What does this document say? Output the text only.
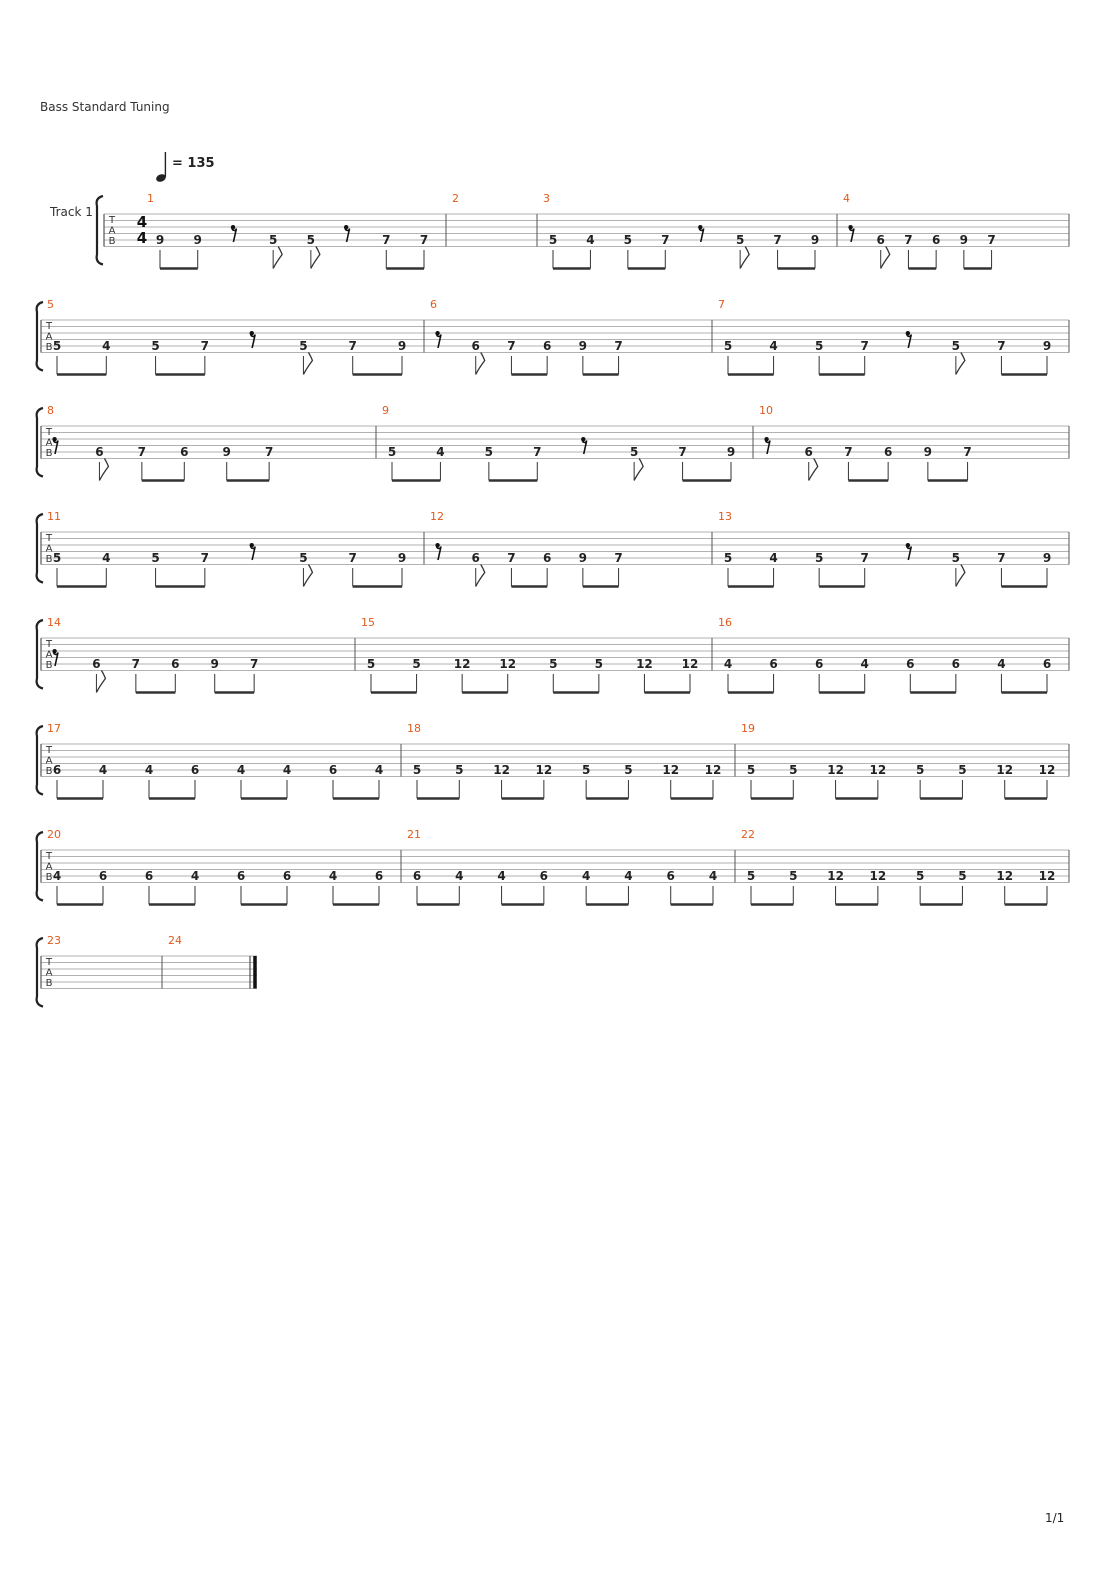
Bass Standard Tuning
= 135
Track 1
T
A
B
4
4
1
9 9	5 5	7 7
2	3
5 4 5 7	5 7 9
4
6 7 6 9 7
T
A
B
5
5	4	5	7	5	7	9
6
6 7 6 9 7
7
5	4	5	7	5	7	9
T
A
B
8
6	7	6	9	7
9
5	4	5	7	5	7	9
10
6	7	6	9	7
T
A
B
11
5	4	5	7	5	7	9
12
6 7 6 9 7
13
5	4	5	7	5	7	9
T
A
B
14
6	7	6	9	7
15
5	5	12 12	5	5	12 12
16
4	6	6	4	6	6	4	6
T
A
B
17
6	4	4	6	4	4	6	4
18
5	5 12 12 5	5 12 12
19
5	5 12 12 5	5 12 12
T
A
B
20
4	6	6	4	6	6	4	6
21
6	4	4	6	4	4	6	4
22
5	5 12 12 5	5 12 12
T
A
B
23	24
1/1
